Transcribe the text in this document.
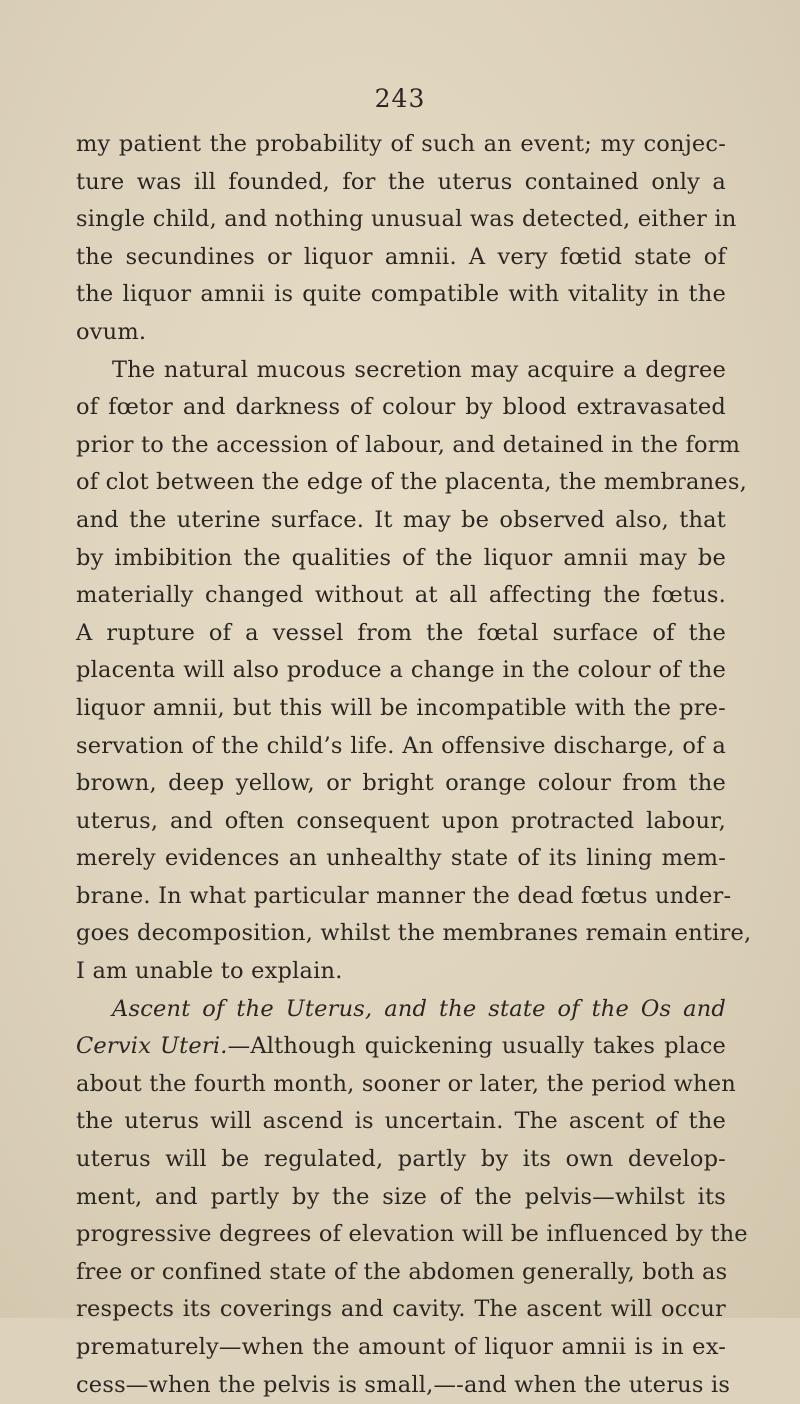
243
my patient the probability of such an event; my conjec-
ture was ill founded, for the uterus contained only a
single child, and nothing unusual was detected, either in
the secundines or liquor amnii. A very fœtid state of
the liquor amnii is quite compatible with vitality in the
ovum.
The natural mucous secretion may acquire a degree
of fœtor and darkness of colour by blood extravasated
prior to the accession of labour, and detained in the form
of clot between the edge of the placenta, the membranes,
and the uterine surface. It may be observed also, that
by imbibition the qualities of the liquor amnii may be
materially changed without at all affecting the fœtus.
A rupture of a vessel from the fœtal surface of the
placenta will also produce a change in the colour of the
liquor amnii, but this will be incompatible with the pre-
servation of the child’s life. An offensive discharge, of a
brown, deep yellow, or bright orange colour from the
uterus, and often consequent upon protracted labour,
merely evidences an unhealthy state of its lining mem-
brane. In what particular manner the dead fœtus under-
goes decomposition, whilst the membranes remain entire,
I am unable to explain.
Ascent of the Uterus, and the state of the Os and
Cervix Uteri.—Although quickening usually takes place
about the fourth month, sooner or later, the period when
the uterus will ascend is uncertain. The ascent of the
uterus will be regulated, partly by its own develop-
ment, and partly by the size of the pelvis—whilst its
progressive degrees of elevation will be influenced by the
free or confined state of the abdomen generally, both as
respects its coverings and cavity. The ascent will occur
prematurely—when the amount of liquor amnii is in ex-
cess—when the pelvis is small,—-and when the uterus is
